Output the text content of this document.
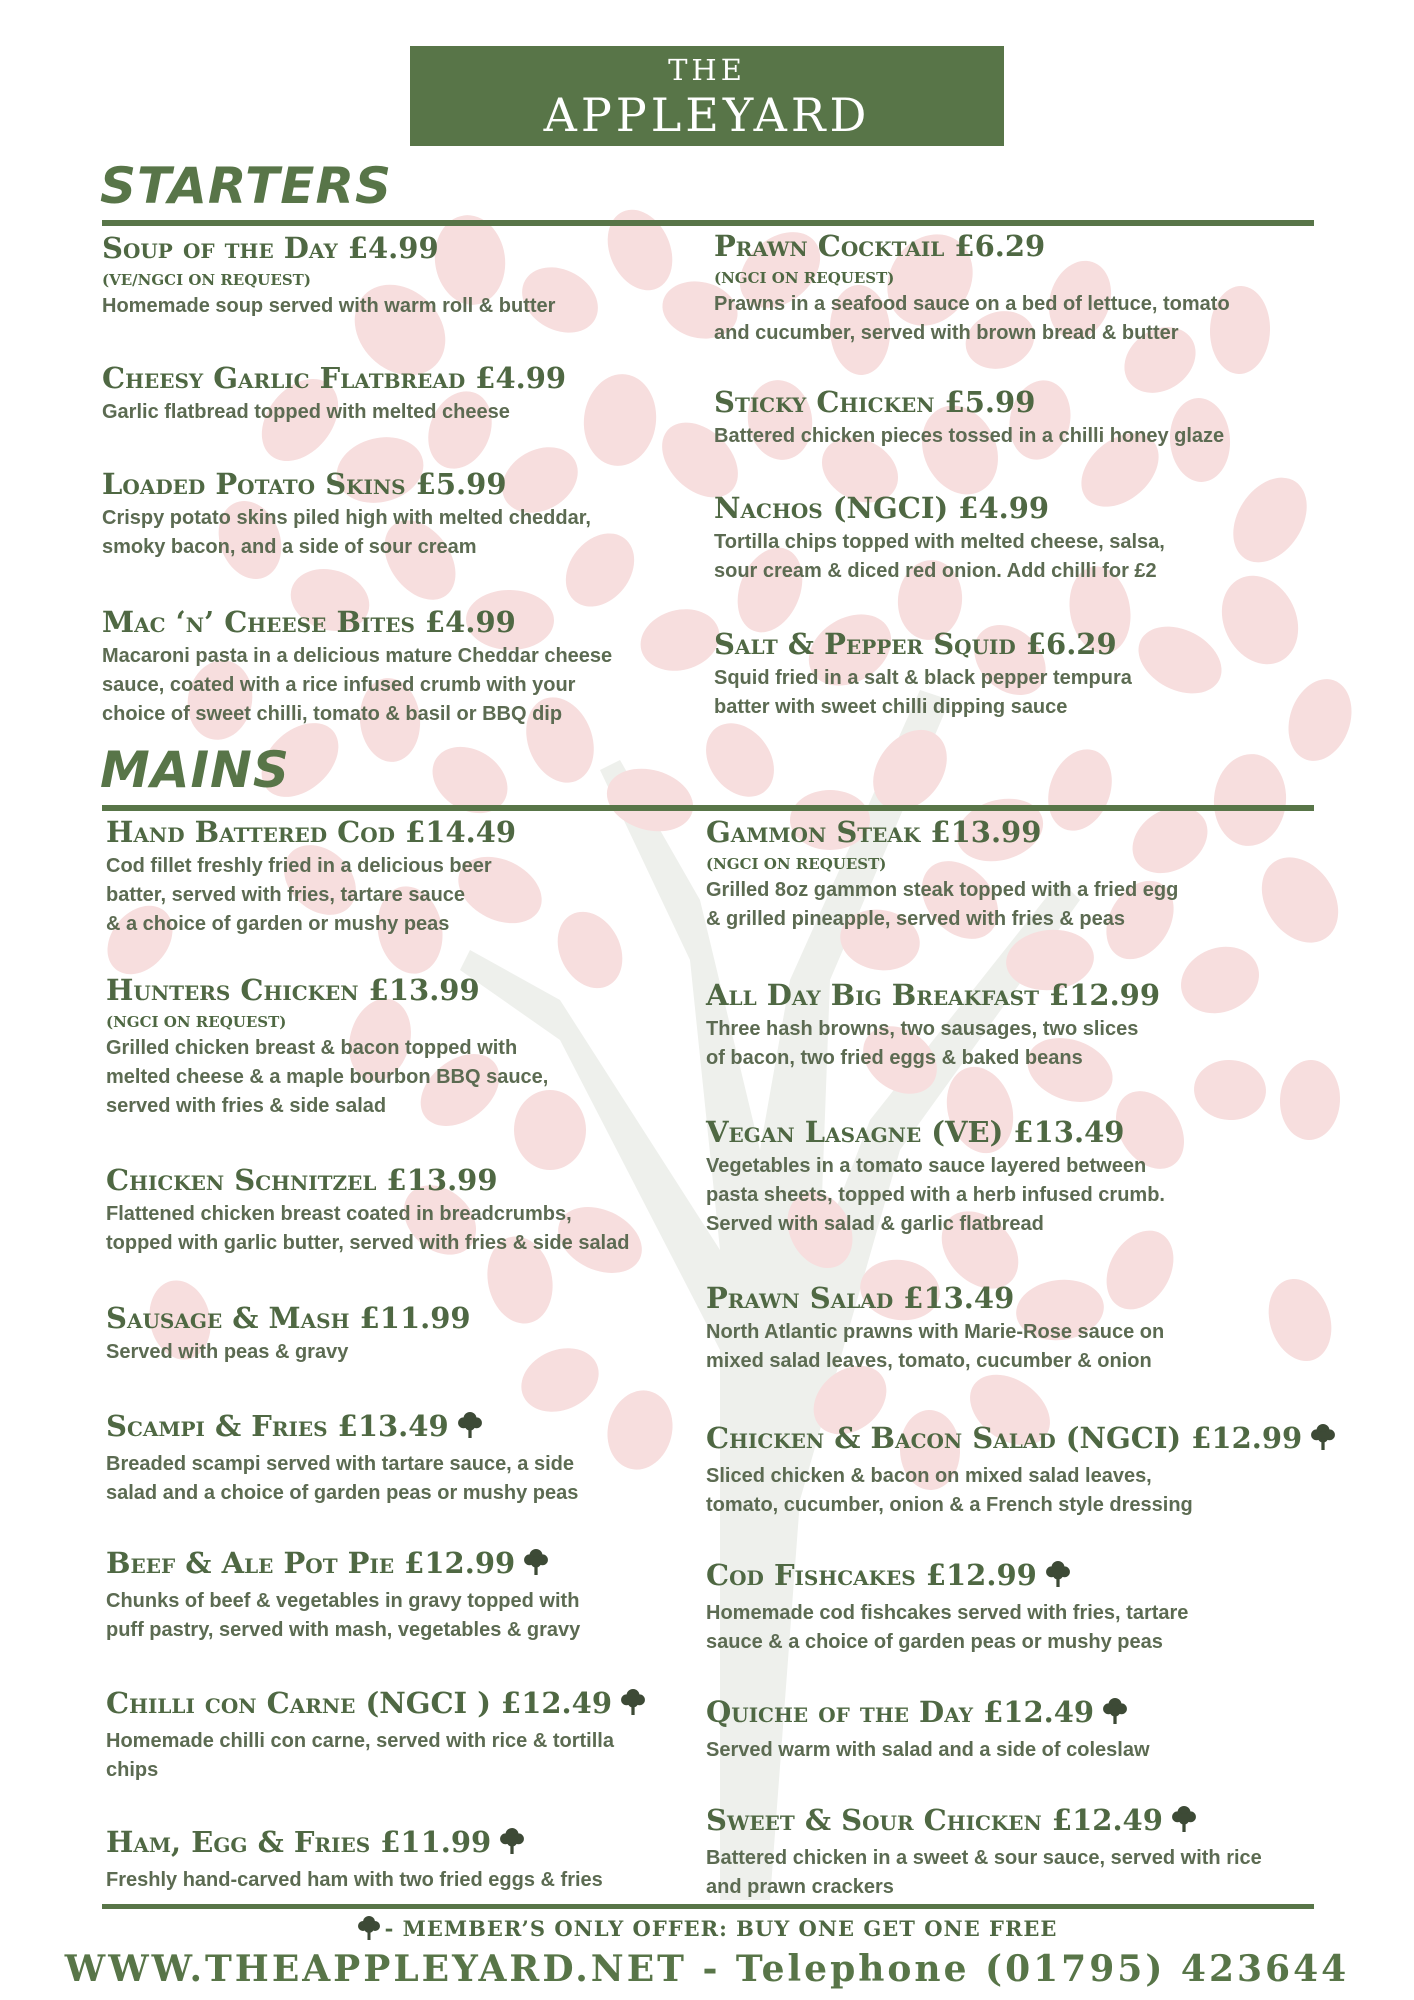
THE
APPLEYARD
STARTERS
Soup of the Day £4.99
(VE/NGCI ON REQUEST)
Homemade soup served with warm roll & butter
Cheesy Garlic Flatbread £4.99
Garlic flatbread topped with melted cheese
Loaded Potato Skins £5.99
Crispy potato skins piled high with melted cheddar,
smoky bacon, and a side of sour cream
Mac ‘n’ Cheese Bites £4.99
Macaroni pasta in a delicious mature Cheddar cheese
sauce, coated with a rice infused crumb with your
choice of sweet chilli, tomato & basil or BBQ dip
Prawn Cocktail £6.29
(NGCI ON REQUEST)
Prawns in a seafood sauce on a bed of lettuce, tomato
and cucumber, served with brown bread & butter
Sticky Chicken £5.99
Battered chicken pieces tossed in a chilli honey glaze
Nachos (NGCI) £4.99
Tortilla chips topped with melted cheese, salsa,
sour cream & diced red onion. Add chilli for £2
Salt & Pepper Squid £6.29
Squid fried in a salt & black pepper tempura
batter with sweet chilli dipping sauce
MAINS
Hand Battered Cod £14.49
Cod fillet freshly fried in a delicious beer
batter, served with fries, tartare sauce
& a choice of garden or mushy peas
Hunters Chicken £13.99
(NGCI ON REQUEST)
Grilled chicken breast & bacon topped with
melted cheese & a maple bourbon BBQ sauce,
served with fries & side salad
Chicken Schnitzel £13.99
Flattened chicken breast coated in breadcrumbs,
topped with garlic butter, served with fries & side salad
Sausage & Mash £11.99
Served with peas & gravy
Scampi & Fries £13.49
Breaded scampi served with tartare sauce, a side
salad and a choice of garden peas or mushy peas
Beef & Ale Pot Pie £12.99
Chunks of beef & vegetables in gravy topped with
puff pastry, served with mash, vegetables & gravy
Chilli con Carne (NGCI ) £12.49
Homemade chilli con carne, served with rice & tortilla
chips
Ham, Egg & Fries £11.99
Freshly hand-carved ham with two fried eggs & fries
Gammon Steak £13.99
(NGCI ON REQUEST)
Grilled 8oz gammon steak topped with a fried egg
& grilled pineapple, served with fries & peas
All Day Big Breakfast £12.99
Three hash browns, two sausages, two slices
of bacon, two fried eggs & baked beans
Vegan Lasagne (VE) £13.49
Vegetables in a tomato sauce layered between
pasta sheets, topped with a herb infused crumb.
Served with salad & garlic flatbread
Prawn Salad £13.49
North Atlantic prawns with Marie-Rose sauce on
mixed salad leaves, tomato, cucumber & onion
Chicken & Bacon Salad (NGCI) £12.99
Sliced chicken & bacon on mixed salad leaves,
tomato, cucumber, onion & a French style dressing
Cod Fishcakes £12.99
Homemade cod fishcakes served with fries, tartare
sauce & a choice of garden peas or mushy peas
Quiche of the Day £12.49
Served warm with salad and a side of coleslaw
Sweet & Sour Chicken £12.49
Battered chicken in a sweet & sour sauce, served with rice
and prawn crackers
- MEMBER’S ONLY OFFER: BUY ONE GET ONE FREE
WWW.THEAPPLEYARD.NET - Telephone (01795) 423644
